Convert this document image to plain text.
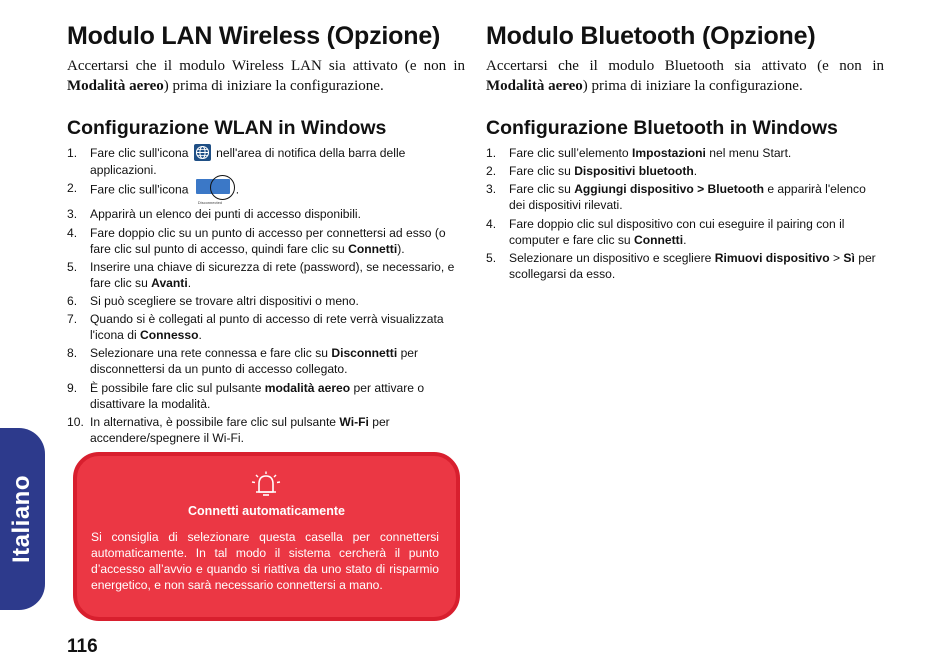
Modulo LAN Wireless (Opzione)

Accertarsi che il modulo Wireless LAN sia attivato (e non in Modalità aereo) prima di iniziare la configurazione.

Configurazione WLAN in Windows
1. Fare clic sull'icona
nell'area di notifica della barra delle applicazioni.
2. Fare clic sull'icona
Disconnected
.
3. Apparirà un elenco dei punti di accesso disponibili.
4. Fare doppio clic su un punto di accesso per connettersi ad esso (o fare clic sul punto di accesso, quindi fare clic su Connetti).
5. Inserire una chiave di sicurezza di rete (password), se necessario, e fare clic su Avanti.
6. Si può scegliere se trovare altri dispositivi o meno.
7. Quando si è collegati al punto di accesso di rete verrà visualizzata l'icona di Connesso.
8. Selezionare una rete connessa e fare clic su Disconnetti per disconnettersi da un punto di accesso collegato.
9. È possibile fare clic sul pulsante modalità aereo per attivare o disattivare la modalità.
10. In alternativa, è possibile fare clic sul pulsante Wi-Fi per accendere/spegnere il Wi-Fi.
Modulo Bluetooth (Opzione)

Accertarsi che il modulo Bluetooth sia attivato (e non in Modalità aereo) prima di iniziare la configurazione.

Configurazione Bluetooth in Windows
1. Fare clic sull’elemento Impostazioni nel menu Start.
2. Fare clic su Dispositivi bluetooth.
3. Fare clic su Aggiungi dispositivo > Bluetooth e apparirà l'elenco dei dispositivi rilevati.
4. Fare doppio clic sul dispositivo con cui eseguire il pairing con il computer e fare clic su Connetti.
5. Selezionare un dispositivo e scegliere Rimuovi dispositivo > Sì per scollegarsi da esso.
Italiano	Connetti automaticamente

Si consiglia di selezionare questa casella per connettersi automaticamente. In tal modo il sistema cercherà il punto d’accesso all’avvio e quando si riattiva da uno stato di risparmio energetico, e non sarà necessario connettersi a mano.

116
